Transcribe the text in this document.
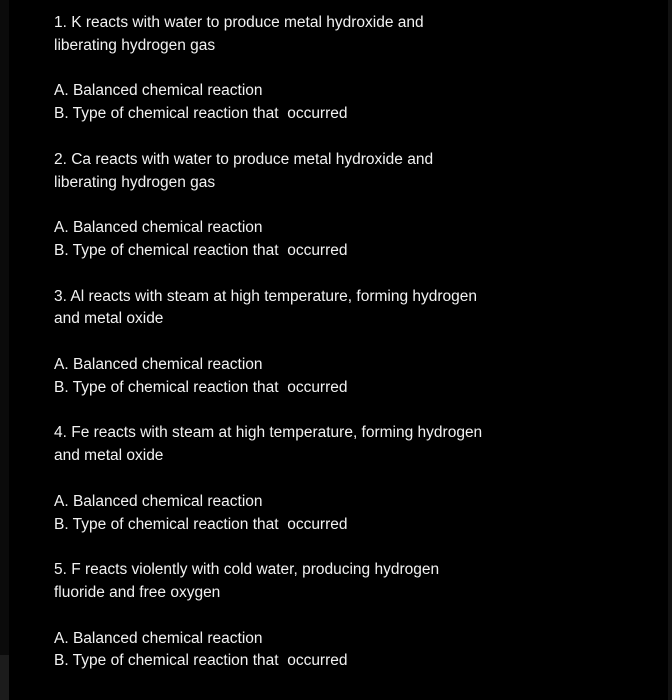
1. K reacts with water to produce metal hydroxide and
liberating hydrogen gas
A. Balanced chemical reaction
B. Type of chemical reaction that  occurred
2. Ca reacts with water to produce metal hydroxide and
liberating hydrogen gas
A. Balanced chemical reaction
B. Type of chemical reaction that  occurred
3. Al reacts with steam at high temperature, forming hydrogen
and metal oxide
A. Balanced chemical reaction
B. Type of chemical reaction that  occurred
4. Fe reacts with steam at high temperature, forming hydrogen
and metal oxide
A. Balanced chemical reaction
B. Type of chemical reaction that  occurred
5. F reacts violently with cold water, producing hydrogen
fluoride and free oxygen
A. Balanced chemical reaction
B. Type of chemical reaction that  occurred
